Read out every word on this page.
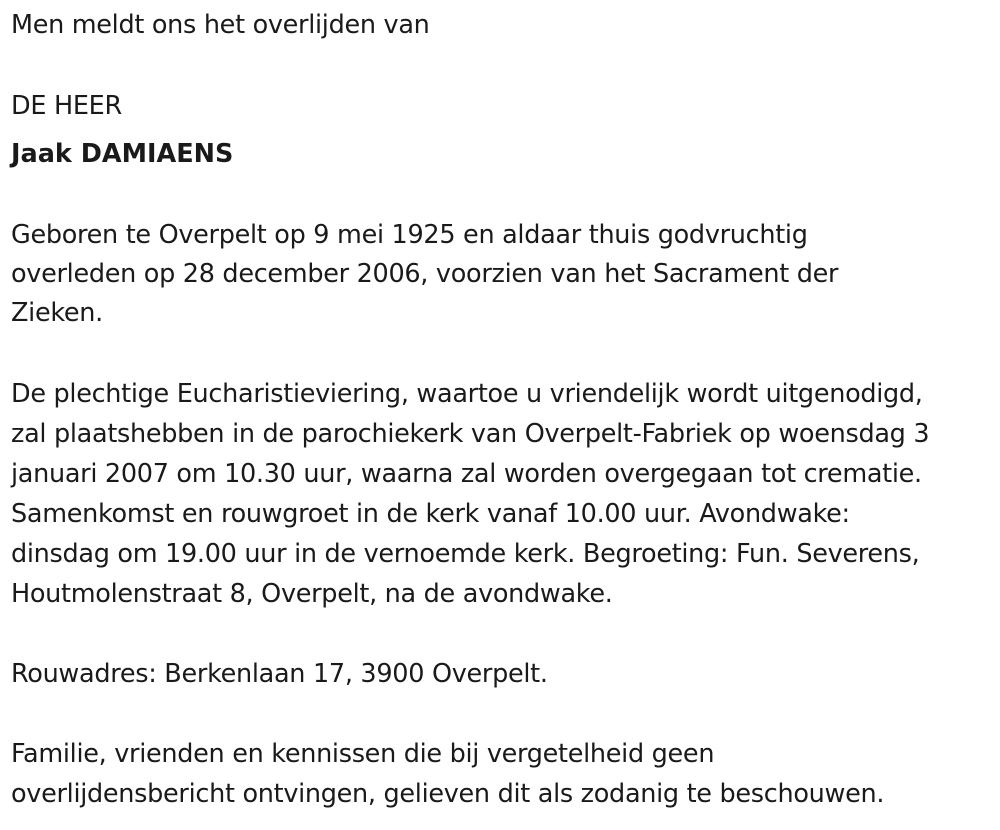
Men meldt ons het overlijden van
DE HEER
Jaak DAMIAENS
Geboren te Overpelt op 9 mei 1925 en aldaar thuis godvruchtig
overleden op 28 december 2006, voorzien van het Sacrament der
Zieken.
De plechtige Eucharistieviering, waartoe u vriendelijk wordt uitgenodigd,
zal plaatshebben in de parochiekerk van Overpelt-Fabriek op woensdag 3
januari 2007 om 10.30 uur, waarna zal worden overgegaan tot crematie.
Samenkomst en rouwgroet in de kerk vanaf 10.00 uur. Avondwake:
dinsdag om 19.00 uur in de vernoemde kerk. Begroeting: Fun. Severens,
Houtmolenstraat 8, Overpelt, na de avondwake.
Rouwadres: Berkenlaan 17, 3900 Overpelt.
Familie, vrienden en kennissen die bij vergetelheid geen
overlijdensbericht ontvingen, gelieven dit als zodanig te beschouwen.
